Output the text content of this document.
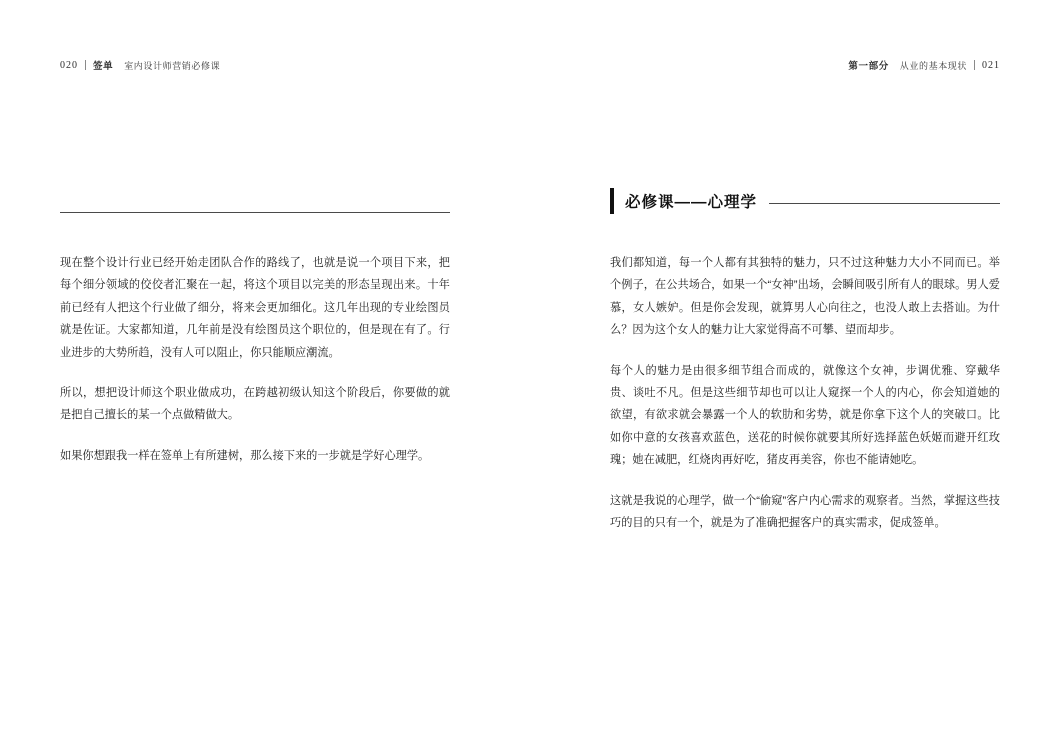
020 签单 室内设计师营销必修课

现在整个设计行业已经开始走团队合作的路线了，也就是说一个项目下来，把每个细分领域的佼佼者汇聚在一起，将这个项目以完美的形态呈现出来。十年前已经有人把这个行业做了细分，将来会更加细化。这几年出现的专业绘图员就是佐证。大家都知道，几年前是没有绘图员这个职位的，但是现在有了。行业进步的大势所趋，没有人可以阻止，你只能顺应潮流。

所以，想把设计师这个职业做成功，在跨越初级认知这个阶段后，你要做的就是把自己擅长的某一个点做精做大。

如果你想跟我一样在签单上有所建树，那么接下来的一步就是学好心理学。

第一部分 从业的基本现状 021
必修课——心理学

我们都知道，每一个人都有其独特的魅力，只不过这种魅力大小不同而已。举个例子，在公共场合，如果一个“女神”出场，会瞬间吸引所有人的眼球。男人爱慕，女人嫉妒。但是你会发现，就算男人心向往之，也没人敢上去搭讪。为什么？因为这个女人的魅力让大家觉得高不可攀、望而却步。

每个人的魅力是由很多细节组合而成的，就像这个女神，步调优雅、穿戴华贵、谈吐不凡。但是这些细节却也可以让人窥探一个人的内心，你会知道她的欲望，有欲求就会暴露一个人的软肋和劣势，就是你拿下这个人的突破口。比如你中意的女孩喜欢蓝色，送花的时候你就要其所好选择蓝色妖姬而避开红玫瑰；她在减肥，红烧肉再好吃，猪皮再美容，你也不能请她吃。

这就是我说的心理学，做一个“偷窥”客户内心需求的观察者。当然，掌握这些技巧的目的只有一个，就是为了准确把握客户的真实需求，促成签单。
